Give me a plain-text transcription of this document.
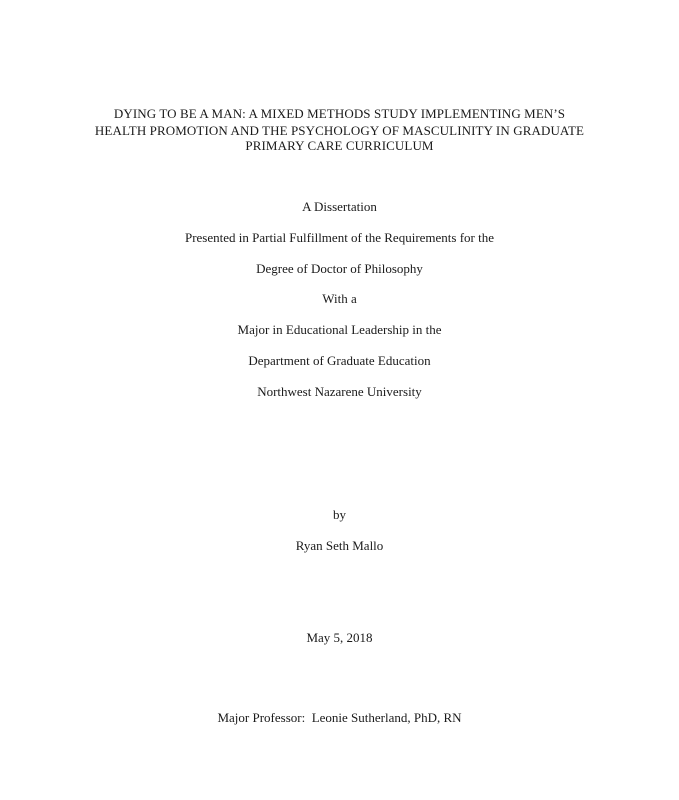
DYING TO BE A MAN: A MIXED METHODS STUDY IMPLEMENTING MEN’S
HEALTH PROMOTION AND THE PSYCHOLOGY OF MASCULINITY IN GRADUATE
PRIMARY CARE CURRICULUM
A Dissertation
Presented in Partial Fulfillment of the Requirements for the
Degree of Doctor of Philosophy
With a
Major in Educational Leadership in the
Department of Graduate Education
Northwest Nazarene University
by
Ryan Seth Mallo
May 5, 2018
Major Professor:  Leonie Sutherland, PhD, RN
